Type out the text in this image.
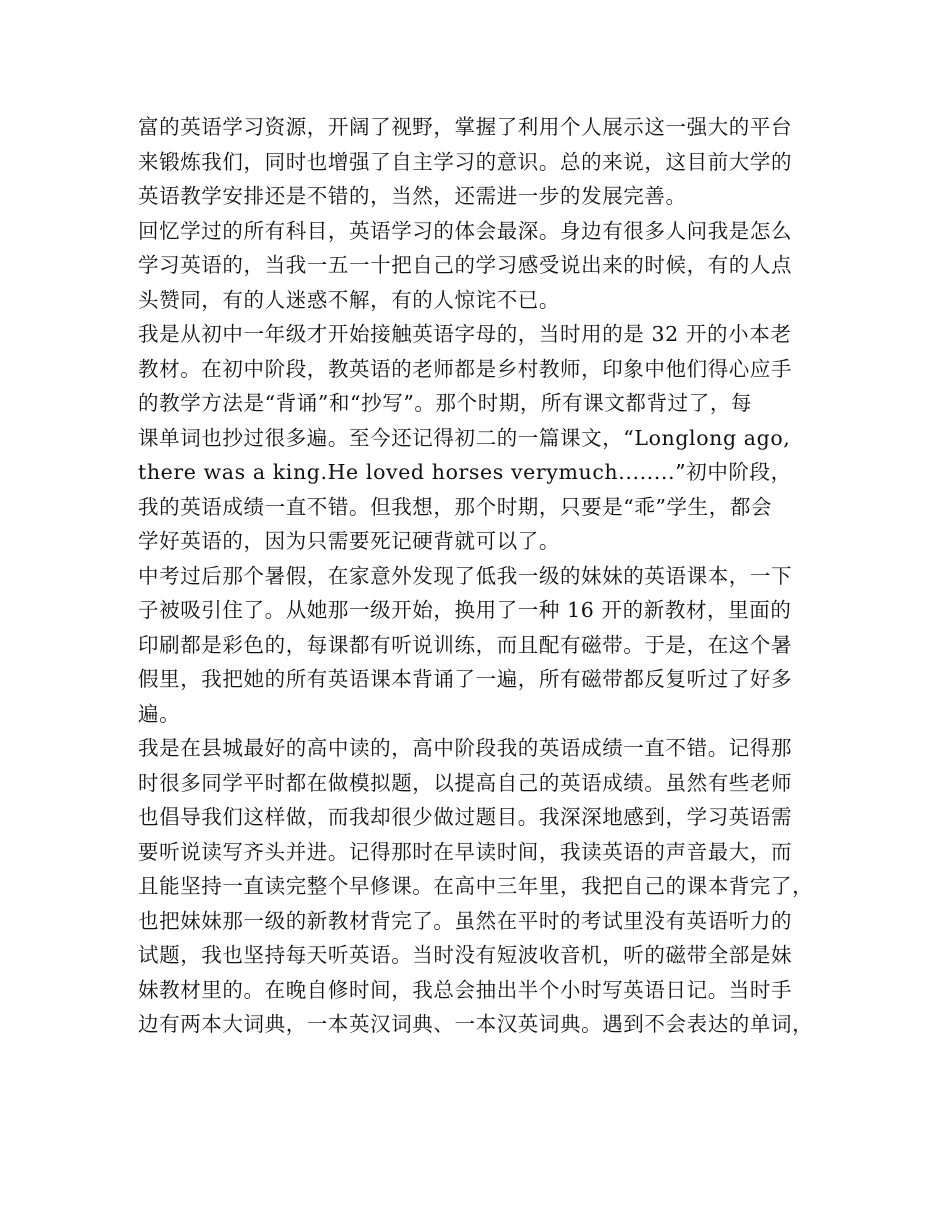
富的英语学习资源，开阔了视野，掌握了利用个人展示这一强大的平台
来锻炼我们，同时也增强了自主学习的意识。总的来说，这目前大学的
英语教学安排还是不错的，当然，还需进一步的发展完善。
回忆学过的所有科目，英语学习的体会最深。身边有很多人问我是怎么
学习英语的，当我一五一十把自己的学习感受说出来的时候，有的人点
头赞同，有的人迷惑不解，有的人惊诧不已。
我是从初中一年级才开始接触英语字母的，当时用的是 32 开的小本老
教材。在初中阶段，教英语的老师都是乡村教师，印象中他们得心应手
的教学方法是“背诵”和“抄写”。那个时期，所有课文都背过了，每
课单词也抄过很多遍。至今还记得初二的一篇课文，“Longlong ago,
there was a king.He loved horses verymuch........”初中阶段，
我的英语成绩一直不错。但我想，那个时期，只要是“乖”学生，都会
学好英语的，因为只需要死记硬背就可以了。
中考过后那个暑假，在家意外发现了低我一级的妹妹的英语课本，一下
子被吸引住了。从她那一级开始，换用了一种 16 开的新教材，里面的
印刷都是彩色的，每课都有听说训练，而且配有磁带。于是，在这个暑
假里，我把她的所有英语课本背诵了一遍，所有磁带都反复听过了好多
遍。
我是在县城最好的高中读的，高中阶段我的英语成绩一直不错。记得那
时很多同学平时都在做模拟题，以提高自己的英语成绩。虽然有些老师
也倡导我们这样做，而我却很少做过题目。我深深地感到，学习英语需
要听说读写齐头并进。记得那时在早读时间，我读英语的声音最大，而
且能坚持一直读完整个早修课。在高中三年里，我把自己的课本背完了，
也把妹妹那一级的新教材背完了。虽然在平时的考试里没有英语听力的
试题，我也坚持每天听英语。当时没有短波收音机，听的磁带全部是妹
妹教材里的。在晚自修时间，我总会抽出半个小时写英语日记。当时手
边有两本大词典，一本英汉词典、一本汉英词典。遇到不会表达的单词，
